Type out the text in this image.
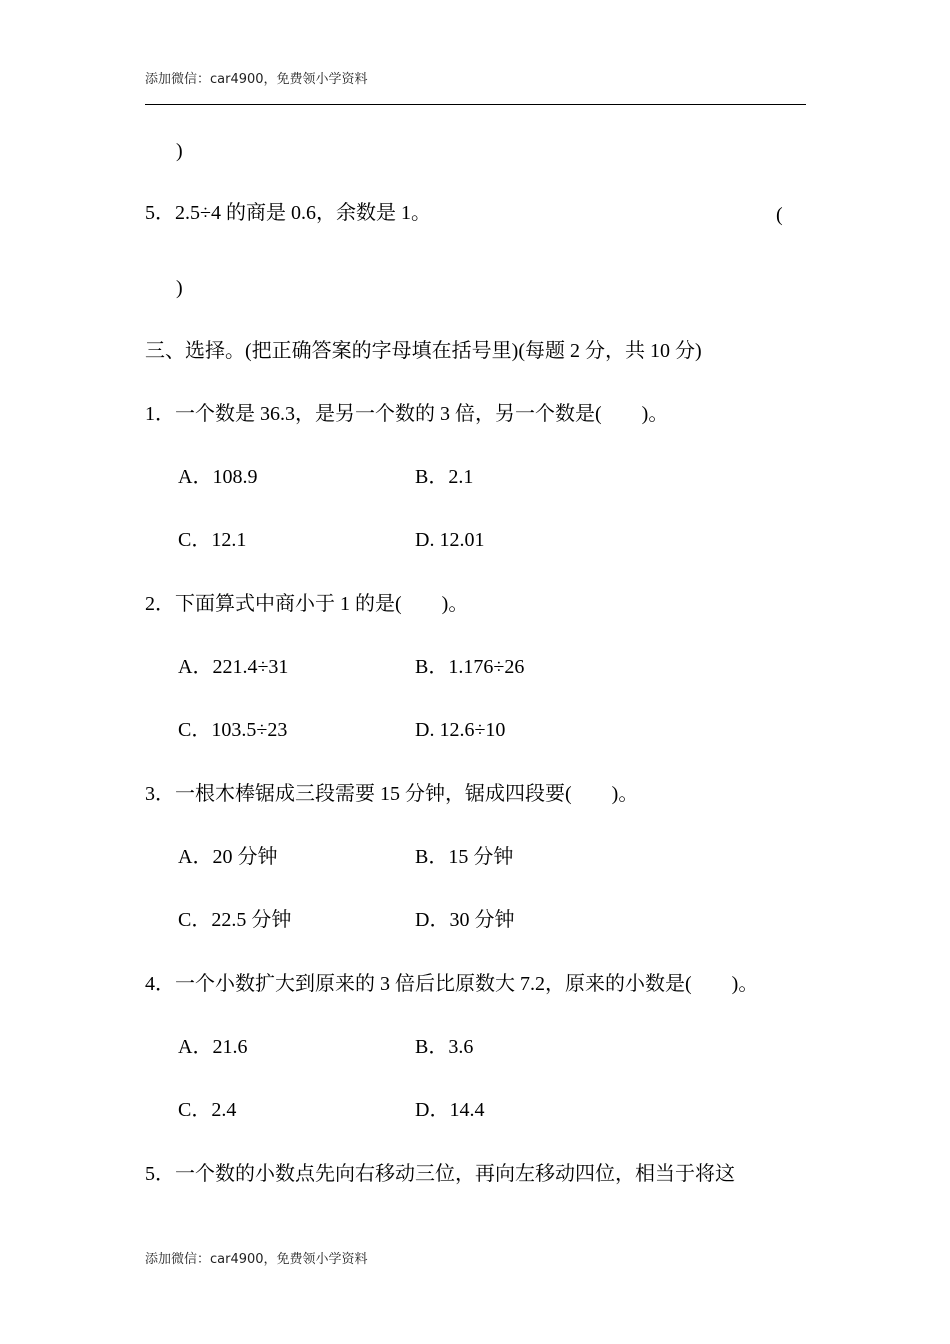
添加微信：car4900，免费领小学资料
)
5．2.5÷4 的商是 0.6，余数是 1。	(
)
三、选择。(把正确答案的字母填在括号里)(每题 2 分，共 10 分)
1．一个数是 36.3，是另一个数的 3 倍，另一个数是(　　)。
A．108.9	B．2.1
C．12.1	D. 12.01
2．下面算式中商小于 1 的是(　　)。
A．221.4÷31	B．1.176÷26
C．103.5÷23	D. 12.6÷10
3．一根木棒锯成三段需要 15 分钟，锯成四段要(　　)。
A．20 分钟	B．15 分钟
C．22.5 分钟	D．30 分钟
4．一个小数扩大到原来的 3 倍后比原数大 7.2，原来的小数是(　　)。
A．21.6	B．3.6
C．2.4	D．14.4
5．一个数的小数点先向右移动三位，再向左移动四位，相当于将这
添加微信：car4900，免费领小学资料
